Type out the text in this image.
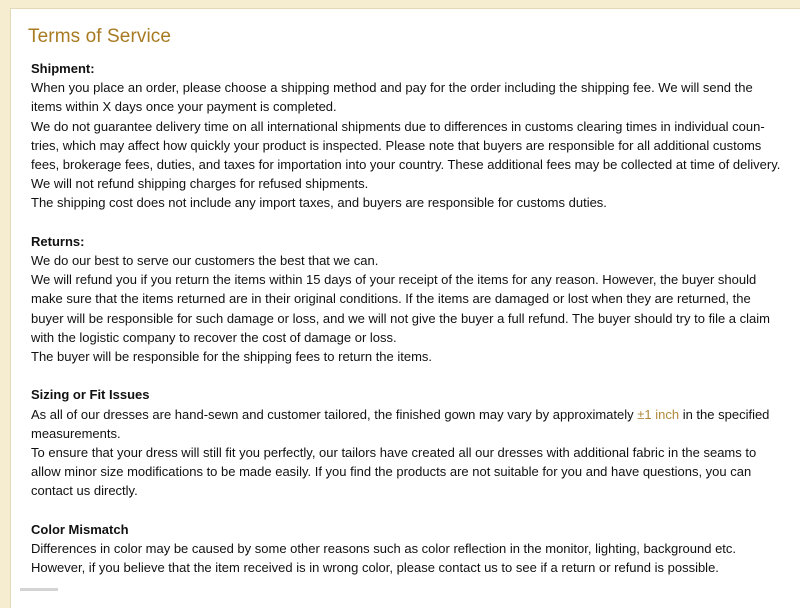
Terms of Service
Shipment:
When you place an order, please choose a shipping method and pay for the order including the shipping fee. We will send the
items within X days once your payment is completed.
We do not guarantee delivery time on all international shipments due to differences in customs clearing times in individual coun-
tries, which may affect how quickly your product is inspected. Please note that buyers are responsible for all additional customs
fees, brokerage fees, duties, and taxes for importation into your country. These additional fees may be collected at time of delivery.
We will not refund shipping charges for refused shipments.
The shipping cost does not include any import taxes, and buyers are responsible for customs duties.
Returns:
We do our best to serve our customers the best that we can.
We will refund you if you return the items within 15 days of your receipt of the items for any reason. However, the buyer should
make sure that the items returned are in their original conditions. If the items are damaged or lost when they are returned, the
buyer will be responsible for such damage or loss, and we will not give the buyer a full refund. The buyer should try to file a claim
with the logistic company to recover the cost of damage or loss.
The buyer will be responsible for the shipping fees to return the items.
Sizing or Fit Issues
As all of our dresses are hand-sewn and customer tailored, the finished gown may vary by approximately ±1 inch in the specified
measurements.
To ensure that your dress will still fit you perfectly, our tailors have created all our dresses with additional fabric in the seams to
allow minor size modifications to be made easily. If you find the products are not suitable for you and have questions, you can
contact us directly.
Color Mismatch
Differences in color may be caused by some other reasons such as color reflection in the monitor, lighting, background etc.
However, if you believe that the item received is in wrong color, please contact us to see if a return or refund is possible.
